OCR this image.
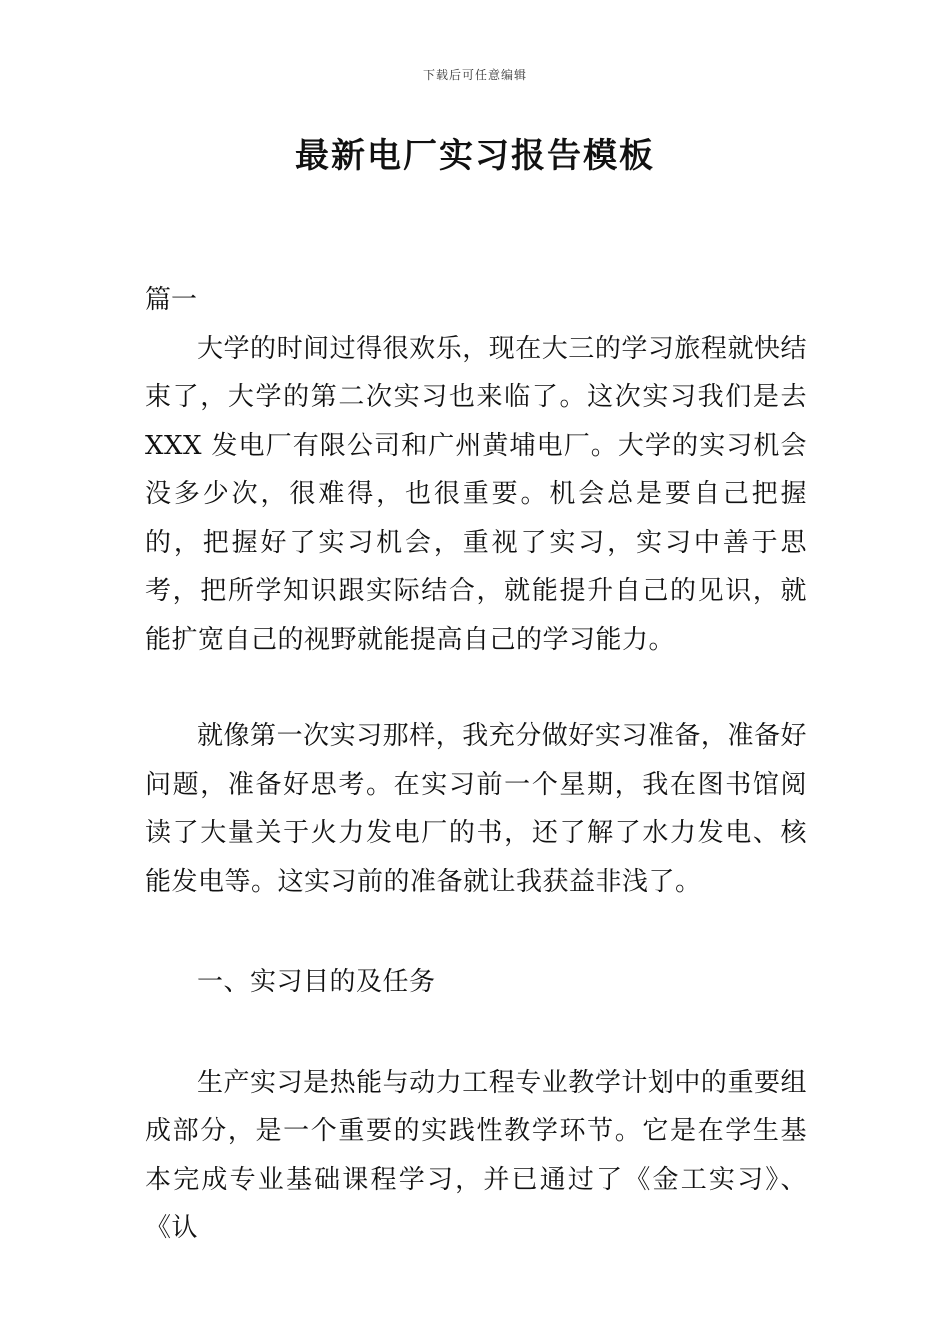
下载后可任意编辑
最新电厂实习报告模板

篇一

大学的时间过得很欢乐，现在大三的学习旅程就快结束了，大学的第二次实习也来临了。这次实习我们是去 XXX 发电厂有限公司和广州黄埔电厂。大学的实习机会没多少次，很难得，也很重要。机会总是要自己把握的，把握好了实习机会，重视了实习，实习中善于思考，把所学知识跟实际结合，就能提升自己的见识，就能扩宽自己的视野就能提高自己的学习能力。

就像第一次实习那样，我充分做好实习准备，准备好问题，准备好思考。在实习前一个星期，我在图书馆阅读了大量关于火力发电厂的书，还了解了水力发电、核能发电等。这实习前的准备就让我获益非浅了。

一、实习目的及任务

生产实习是热能与动力工程专业教学计划中的重要组成部分，是一个重要的实践性教学环节。它是在学生基本完成专业基础课程学习，并已通过了《金工实习》、《认
